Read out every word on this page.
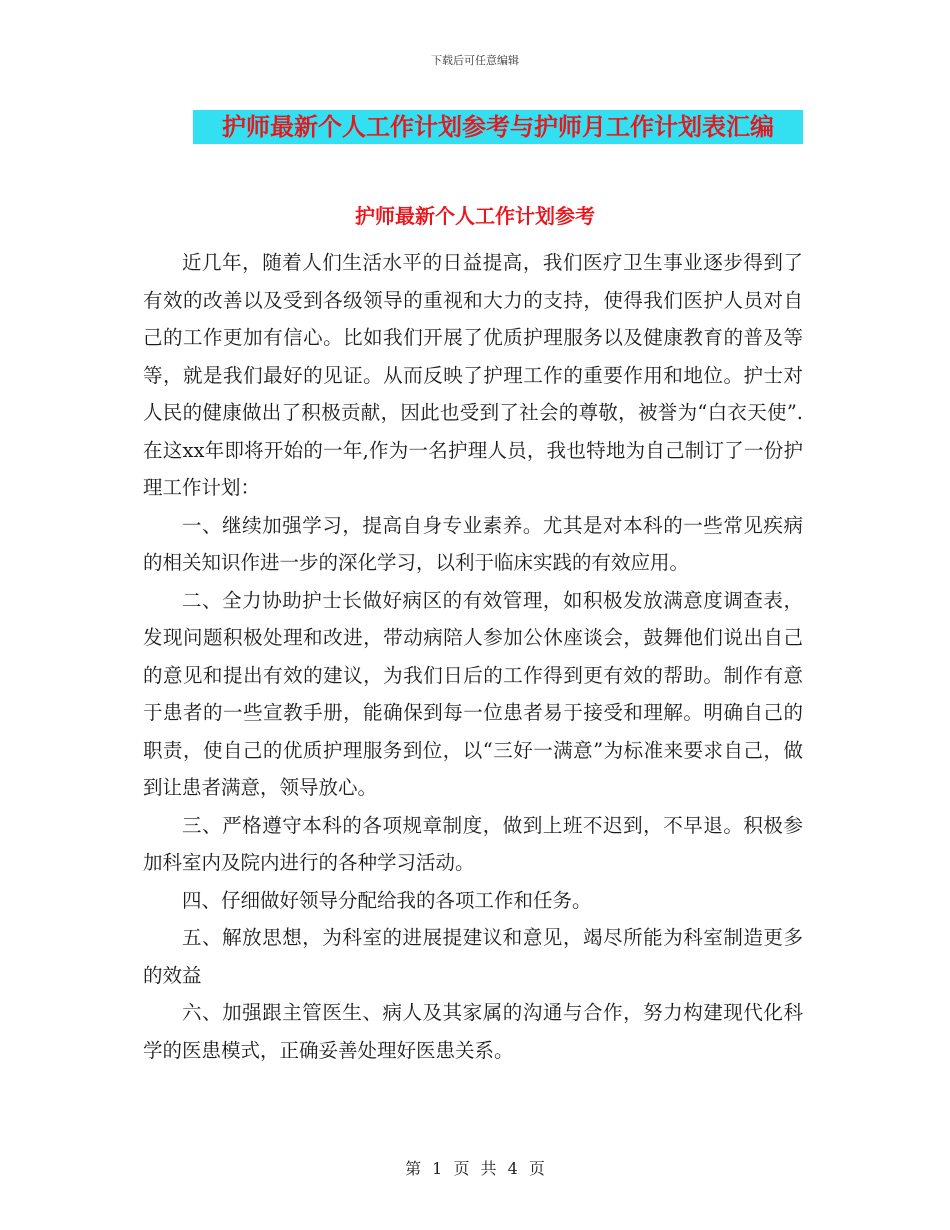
下载后可任意编辑
护师最新个人工作计划参考与护师月工作计划表汇编
护师最新个人工作计划参考

近几年，随着人们生活水平的日益提高，我们医疗卫生事业逐步得到了有效的改善以及受到各级领导的重视和大力的支持，使得我们医护人员对自己的工作更加有信心。比如我们开展了优质护理服务以及健康教育的普及等等，就是我们最好的见证。从而反映了护理工作的重要作用和地位。护士对人民的健康做出了积极贡献，因此也受到了社会的尊敬，被誉为“白衣天使”.在这xx年即将开始的一年,作为一名护理人员，我也特地为自己制订了一份护理工作计划：

一、继续加强学习，提高自身专业素养。尤其是对本科的一些常见疾病的相关知识作进一步的深化学习，以利于临床实践的有效应用。

二、全力协助护士长做好病区的有效管理，如积极发放满意度调查表，发现问题积极处理和改进，带动病陪人参加公休座谈会，鼓舞他们说出自己的意见和提出有效的建议，为我们日后的工作得到更有效的帮助。制作有意于患者的一些宣教手册，能确保到每一位患者易于接受和理解。明确自己的职责，使自己的优质护理服务到位，以“三好一满意”为标准来要求自己，做到让患者满意，领导放心。

三、严格遵守本科的各项规章制度，做到上班不迟到，不早退。积极参加科室内及院内进行的各种学习活动。

四、仔细做好领导分配给我的各项工作和任务。

五、解放思想，为科室的进展提建议和意见，竭尽所能为科室制造更多的效益

六、加强跟主管医生、病人及其家属的沟通与合作，努力构建现代化科学的医患模式，正确妥善处理好医患关系。

第 1 页 共 4 页
